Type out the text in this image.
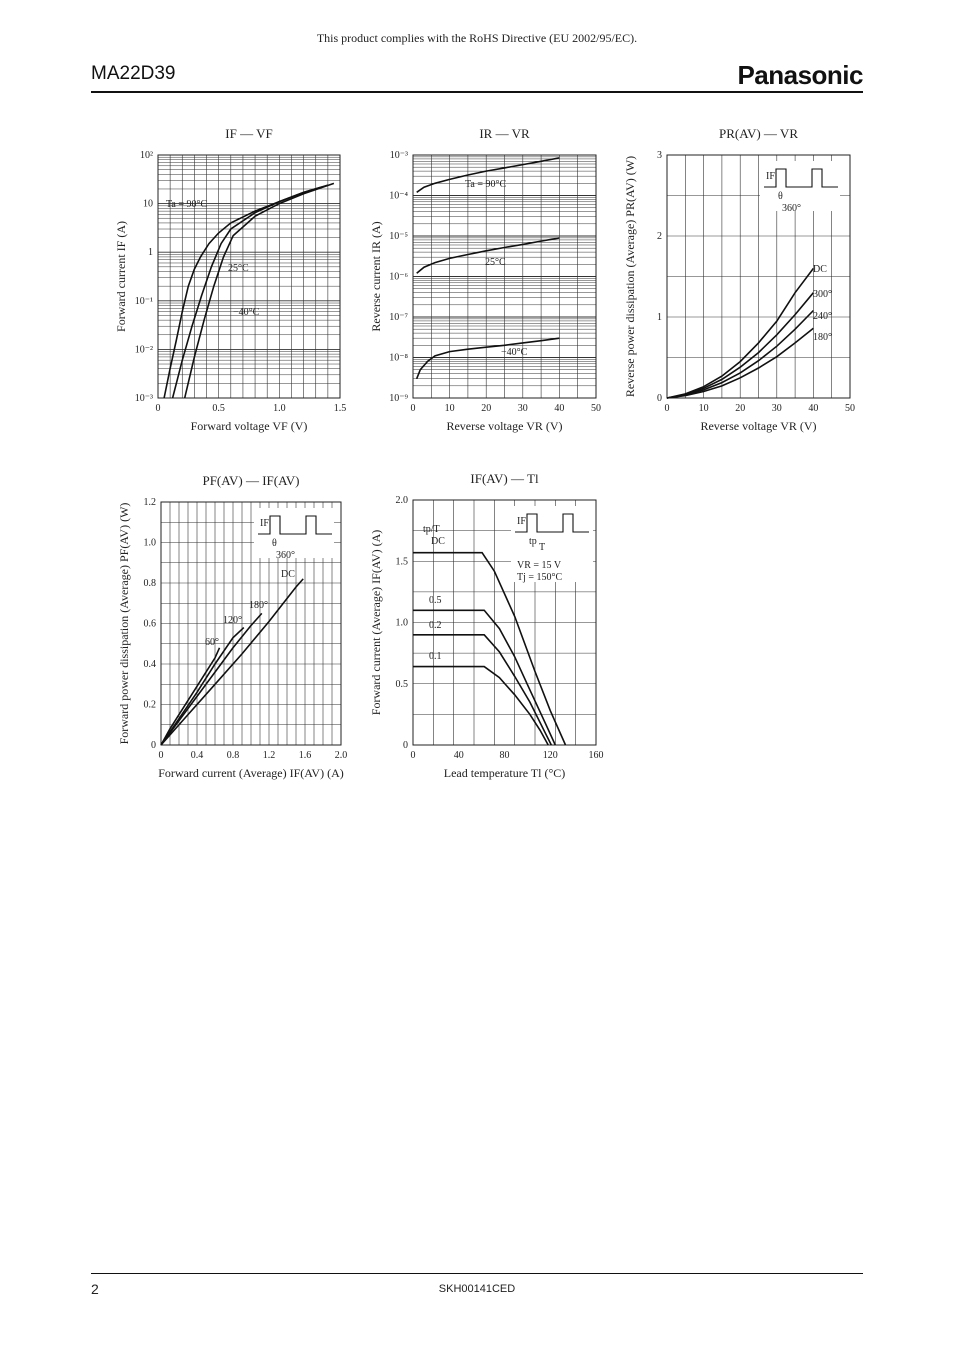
This product complies with the RoHS Directive (EU 2002/95/EC).
MA22D39	Panasonic
IF — VF
0	0.5	1.0	1.5
10⁻³
10⁻²
10⁻¹
1
10
10²
Forward voltage VF (V)
Forward current IF (A)
Ta = 90°C
25°C
−40°C
IR — VR
0	10	20	30	40	50
10⁻⁹
10⁻⁸
10⁻⁷
10⁻⁶
10⁻⁵
10⁻⁴
10⁻³
Reverse voltage VR (V)
Reverse current IR (A)
Ta = 90°C
25°C
−40°C
PR(AV) — VR
0	10	20	30	40	50
0
1
2
3
Reverse voltage VR (V)
Reverse power dissipation (Average) PR(AV) (W)	DC
300°
240°
180°
IF
θ
360°
PF(AV) — IF(AV)
0	0.4 0.8 1.2 1.6 2.0
0
0.2
0.4
0.6
0.8
1.0
1.2
Forward current (Average) IF(AV) (A)
Forward power dissipation (Average) PF(AV) (W)	DC
180°
120°
60°
IF
θ
360°
IF(AV) — Tl
0	40	80	120	160
0
0.5
1.0
1.5
2.0
Lead temperature Tl (°C)
Forward current (Average) IF(AV) (A)
tp/T
DC
0.5
0.2
0.1
IF
tp
T
VR = 15 V
Tj = 150°C
2	SKH00141CED
